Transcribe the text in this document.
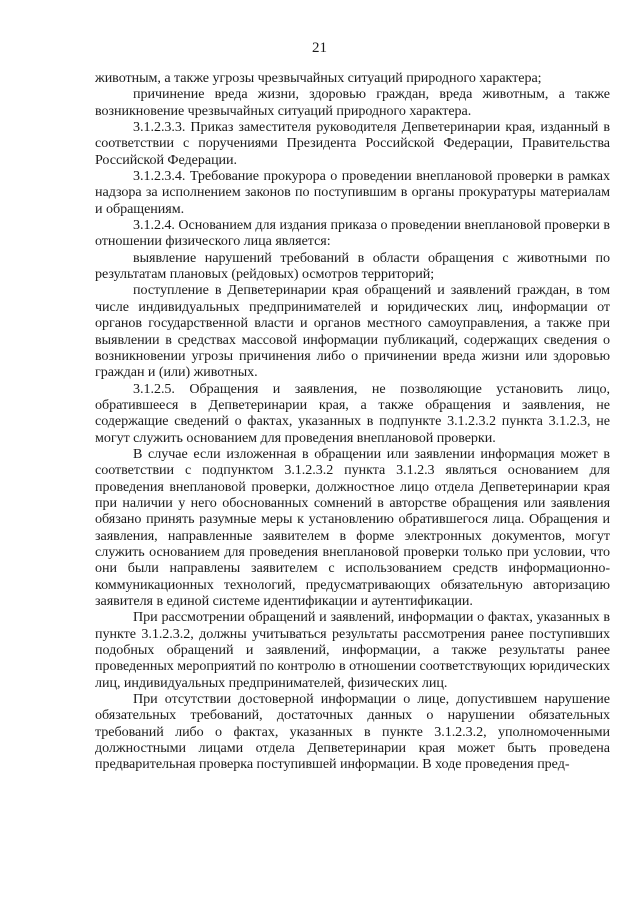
21

животным, а также угрозы чрезвычайных ситуаций природного характера;

причинение вреда жизни, здоровью граждан, вреда животным, а также возникновение чрезвычайных ситуаций природного характера.

3.1.2.3.3. Приказ заместителя руководителя Депветеринарии края, изданный в соответствии с поручениями Президента Российской Федерации, Правительства Российской Федерации.

3.1.2.3.4. Требование прокурора о проведении внеплановой проверки в рамках надзора за исполнением законов по поступившим в органы прокуратуры материалам и обращениям.

3.1.2.4. Основанием для издания приказа о проведении внеплановой проверки в отношении физического лица является:

выявление нарушений требований в области обращения с животными по результатам плановых (рейдовых) осмотров территорий;

поступление в Депветеринарии края обращений и заявлений граждан, в том числе индивидуальных предпринимателей и юридических лиц, информации от органов государственной власти и органов местного самоуправления, а также при выявлении в средствах массовой информации публикаций, содержащих сведения о возникновении угрозы причинения либо о причинении вреда жизни или здоровью граждан и (или) животных.

3.1.2.5. Обращения и заявления, не позволяющие установить лицо, обратившееся в Депветеринарии края, а также обращения и заявления, не содержащие сведений о фактах, указанных в подпункте 3.1.2.3.2 пункта 3.1.2.3, не могут служить основанием для проведения внеплановой проверки.

В случае если изложенная в обращении или заявлении информация может в соответствии с подпунктом 3.1.2.3.2 пункта 3.1.2.3 являться основанием для проведения внеплановой проверки, должностное лицо отдела Депветеринарии края при наличии у него обоснованных сомнений в авторстве обращения или заявления обязано принять разумные меры к установлению обратившегося лица. Обращения и заявления, направленные заявителем в форме электронных документов, могут служить основанием для проведения внеплановой проверки только при условии, что они были направлены заявителем с использованием средств информационно-коммуникационных технологий, предусматривающих обязательную авторизацию заявителя в единой системе идентификации и аутентификации.

При рассмотрении обращений и заявлений, информации о фактах, указанных в пункте 3.1.2.3.2, должны учитываться результаты рассмотрения ранее поступивших подобных обращений и заявлений, информации, а также результаты ранее проведенных мероприятий по контролю в отношении соответствующих юридических лиц, индивидуальных предпринимателей, физических лиц.

При отсутствии достоверной информации о лице, допустившем нарушение обязательных требований, достаточных данных о нарушении обязательных требований либо о фактах, указанных в пункте 3.1.2.3.2, уполномоченными должностными лицами отдела Депветеринарии края может быть проведена предварительная проверка поступившей информации. В ходе проведения пред-
